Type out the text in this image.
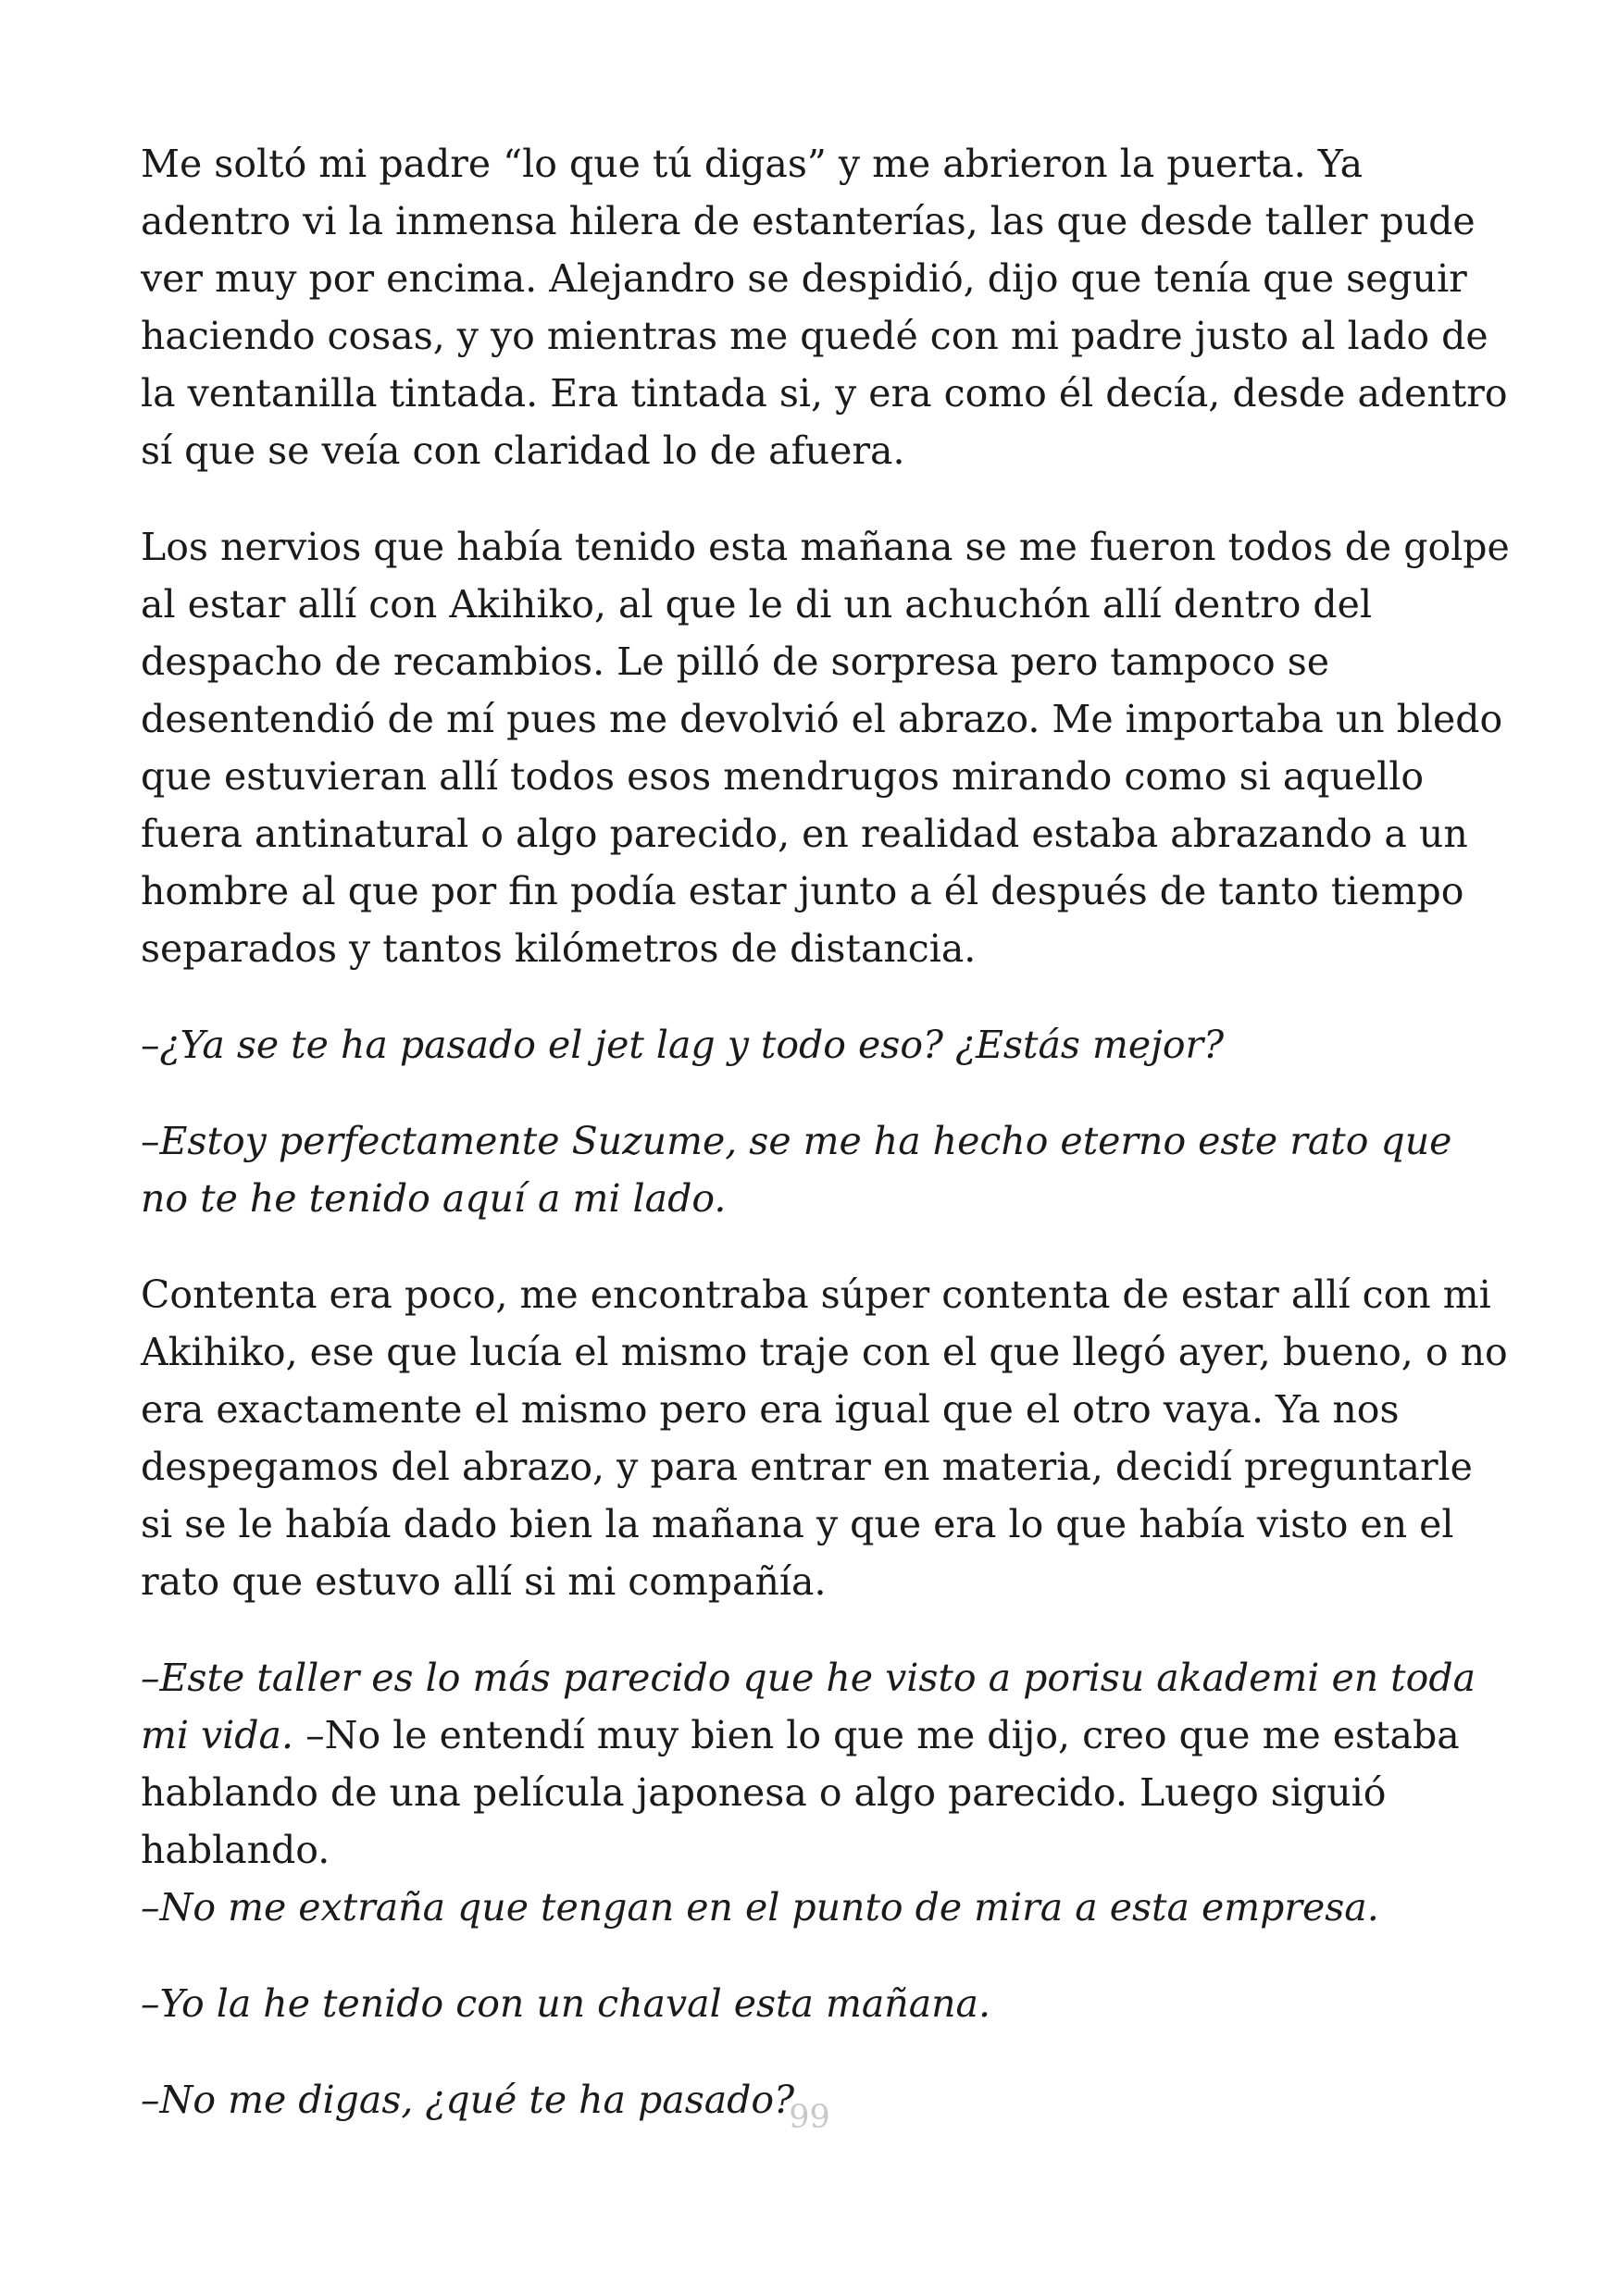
Me soltó mi padre “lo que tú digas” y me abrieron la puerta. Ya adentro vi la inmensa hilera de estanterías, las que desde taller pude ver muy por encima. Alejandro se despidió, dijo que tenía que seguir haciendo cosas, y yo mientras me quedé con mi padre justo al lado de la ventanilla tintada. Era tintada si, y era como él decía, desde adentro sí que se veía con claridad lo de afuera.

Los nervios que había tenido esta mañana se me fueron todos de golpe al estar allí con Akihiko, al que le di un achuchón allí dentro del despacho de recambios. Le pilló de sorpresa pero tampoco se desentendió de mí pues me devolvió el abrazo. Me importaba un bledo que estuvieran allí todos esos mendrugos mirando como si aquello fuera antinatural o algo parecido, en realidad estaba abrazando a un hombre al que por fin podía estar junto a él después de tanto tiempo separados y tantos kilómetros de distancia.

–¿Ya se te ha pasado el jet lag y todo eso? ¿Estás mejor?

–Estoy perfectamente Suzume, se me ha hecho eterno este rato que no te he tenido aquí a mi lado.

Contenta era poco, me encontraba súper contenta de estar allí con mi Akihiko, ese que lucía el mismo traje con el que llegó ayer, bueno, o no era exactamente el mismo pero era igual que el otro vaya. Ya nos despegamos del abrazo, y para entrar en materia, decidí preguntarle si se le había dado bien la mañana y que era lo que había visto en el rato que estuvo allí si mi compañía.

–Este taller es lo más parecido que he visto a porisu akademi en toda mi vida. –No le entendí muy bien lo que me dijo, creo que me estaba hablando de una película japonesa o algo parecido. Luego siguió hablando.
–No me extraña que tengan en el punto de mira a esta empresa.

–Yo la he tenido con un chaval esta mañana.

–No me digas, ¿qué te ha pasado?

99
